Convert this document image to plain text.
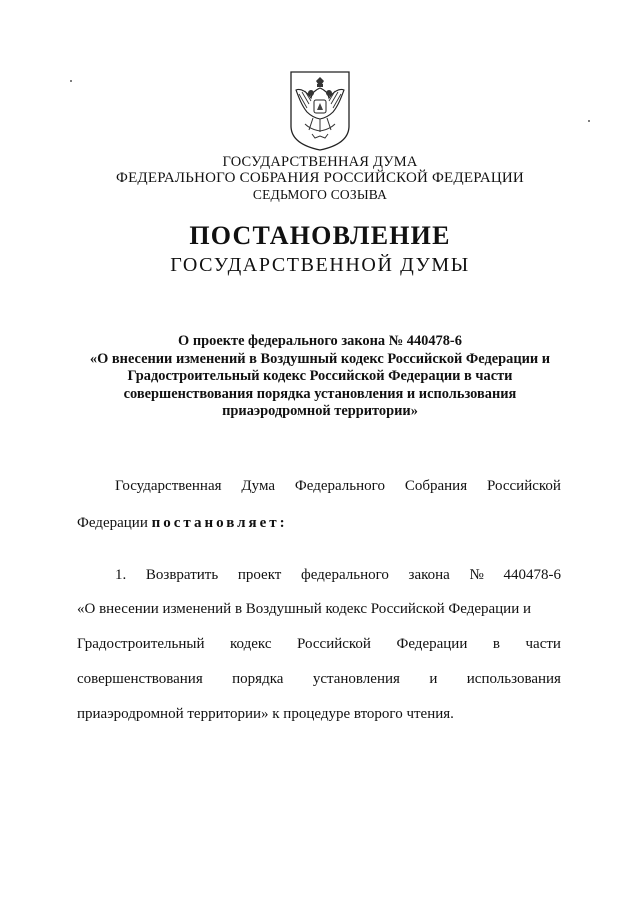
ГОСУДАРСТВЕННАЯ ДУМА
ФЕДЕРАЛЬНОГО СОБРАНИЯ РОССИЙСКОЙ ФЕДЕРАЦИИ
СЕДЬМОГО СОЗЫВА
ПОСТАНОВЛЕНИЕ
ГОСУДАРСТВЕННОЙ ДУМЫ
О проекте федерального закона № 440478-6
«О внесении изменений в Воздушный кодекс Российской Федерации и
Градостроительный кодекс Российской Федерации в части
совершенствования порядка установления и использования
приаэродромной территории»
Государственная Дума Федерального Собрания Российской
Федерации постановляет:
1. Возвратить проект федерального закона № 440478-6
«О внесении изменений в Воздушный кодекс Российской Федерации и
Градостроительный кодекс Российской Федерации в части
совершенствования порядка установления и использования
приаэродромной территории» к процедуре второго чтения.
